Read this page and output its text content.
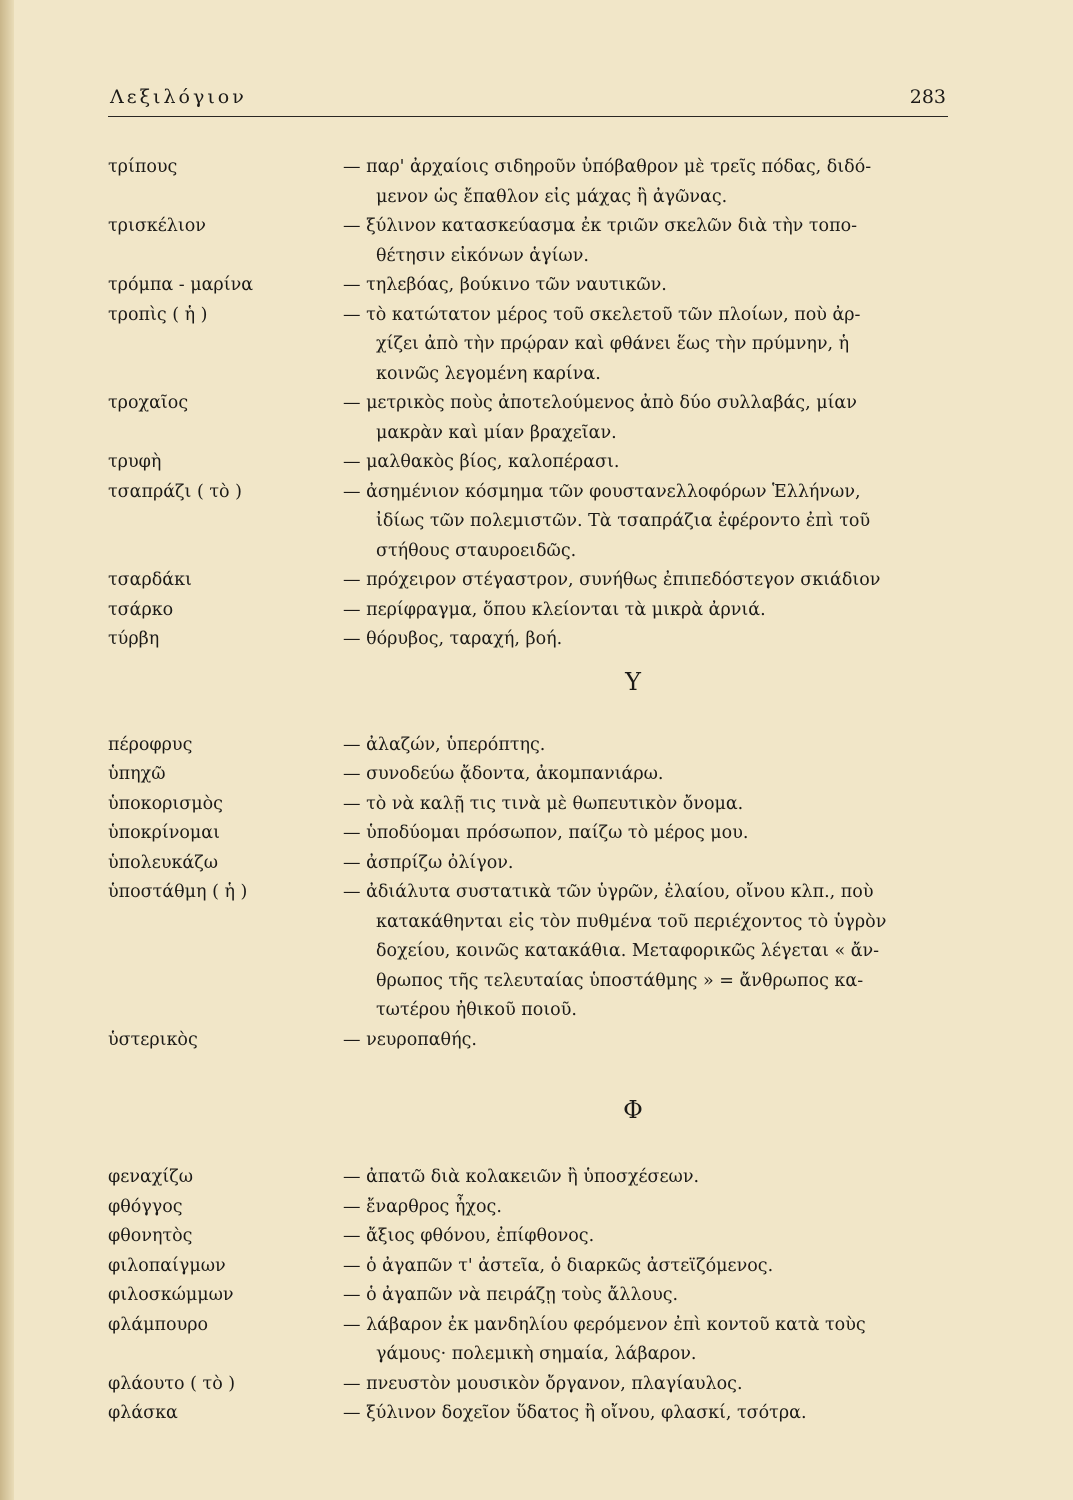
Λεξιλόγιον	283
τρίπους	— παρ' ἀρχαίοις σιδηροῦν ὑπόβαθρον μὲ τρεῖς πόδας, διδό-
μενον ὡς ἔπαθλον εἰς μάχας ἢ ἀγῶνας.
τρισκέλιον	— ξύλινον κατασκεύασμα ἐκ τριῶν σκελῶν διὰ τὴν τοπο-
θέτησιν εἰκόνων ἁγίων.
τρόμπα - μαρίνα	— τηλεβόας, βούκινο τῶν ναυτικῶν.
τροπὶς ( ἡ )	— τὸ κατώτατον μέρος τοῦ σκελετοῦ τῶν πλοίων, ποὺ ἀρ-
χίζει ἀπὸ τὴν πρῴραν καὶ φθάνει ἕως τὴν πρύμνην, ἡ
κοινῶς λεγομένη καρίνα.
τροχαῖος	— μετρικὸς ποὺς ἀποτελούμενος ἀπὸ δύο συλλαβάς, μίαν
μακρὰν καὶ μίαν βραχεῖαν.
τρυφὴ	— μαλθακὸς βίος, καλοπέρασι.
τσαπράζι ( τὸ )	— ἀσημένιον κόσμημα τῶν φουστανελλοφόρων Ἑλλήνων,
ἰδίως τῶν πολεμιστῶν. Τὰ τσαπράζια ἐφέροντο ἐπὶ τοῦ
στήθους σταυροειδῶς.
τσαρδάκι	— πρόχειρον στέγαστρον, συνήθως ἐπιπεδόστεγον σκιάδιον
τσάρκο	— περίφραγμα, ὅπου κλείονται τὰ μικρὰ ἀρνιά.
τύρβη	— θόρυβος, ταραχή, βοή.
Υ
πέροφρυς	— ἀλαζών, ὑπερόπτης.
ὑπηχῶ	— συνοδεύω ᾄδοντα, ἀκομπανιάρω.
ὑποκορισμὸς	— τὸ νὰ καλῇ τις τινὰ μὲ θωπευτικὸν ὄνομα.
ὑποκρίνομαι	— ὑποδύομαι πρόσωπον, παίζω τὸ μέρος μου.
ὑπολευκάζω	— ἀσπρίζω ὀλίγον.
ὑποστάθμη ( ἡ )	— ἀδιάλυτα συστατικὰ τῶν ὑγρῶν, ἐλαίου, οἴνου κλπ., ποὺ
κατακάθηνται εἰς τὸν πυθμένα τοῦ περιέχοντος τὸ ὑγρὸν
δοχείου, κοινῶς κατακάθια. Μεταφορικῶς λέγεται « ἄν-
θρωπος τῆς τελευταίας ὑποστάθμης » = ἄνθρωπος κα-
τωτέρου ἠθικοῦ ποιοῦ.
ὑστερικὸς	— νευροπαθής.
Φ
φεναχίζω	— ἀπατῶ διὰ κολακειῶν ἢ ὑποσχέσεων.
φθόγγος	— ἔναρθρος ἦχος.
φθονητὸς	— ἄξιος φθόνου, ἐπίφθονος.
φιλοπαίγμων	— ὁ ἀγαπῶν τ' ἀστεῖα, ὁ διαρκῶς ἀστεϊζόμενος.
φιλοσκώμμων	— ὁ ἀγαπῶν νὰ πειράζῃ τοὺς ἄλλους.
φλάμπουρο	— λάβαρον ἐκ μανδηλίου φερόμενον ἐπὶ κοντοῦ κατὰ τοὺς
γάμους· πολεμικὴ σημαία, λάβαρον.
φλάουτο ( τὸ )	— πνευστὸν μουσικὸν ὄργανον, πλαγίαυλος.
φλάσκα	— ξύλινον δοχεῖον ὕδατος ἢ οἴνου, φλασκί, τσότρα.
